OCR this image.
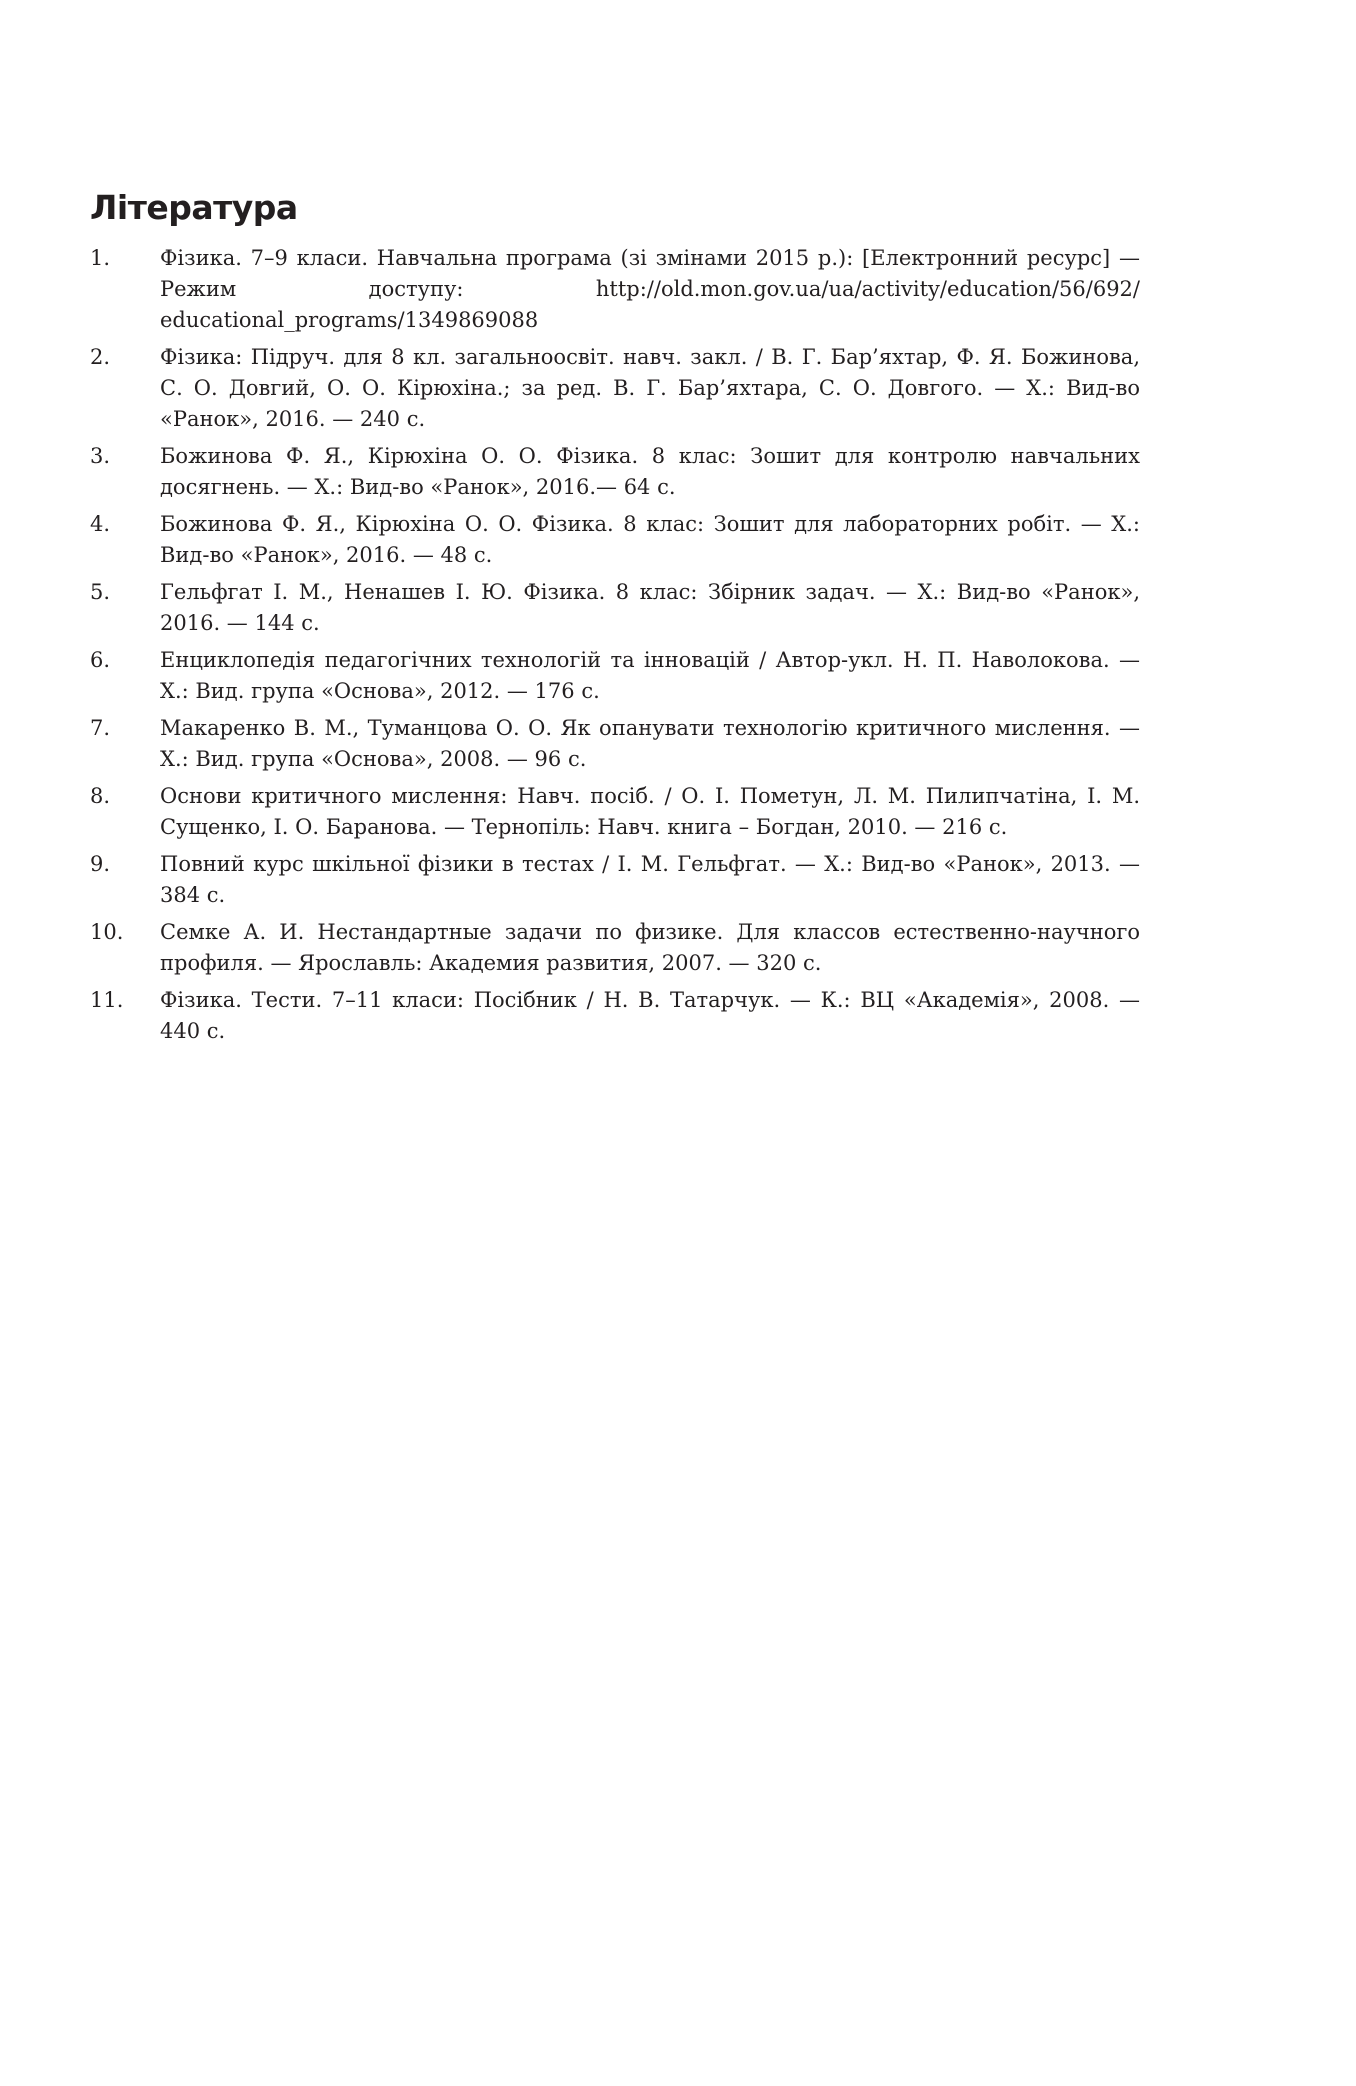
Література
1.	Фізика. 7–9 класи. Навчальна програма (зі змінами 2015 р.): [Електронний ресурс] — Режим доступу: http://old.mon.gov.ua/ua/activity/education/56/692/ educational_programs/1349869088
2.	Фізика: Підруч. для 8 кл. загальноосвіт. навч. закл. / В. Г. Бар’яхтар, Ф. Я. Божинова, С. О. Довгий, О. О. Кірюхіна.; за ред. В. Г. Бар’яхтара, С. О. Довгого. — Х.: Вид-во «Ранок», 2016. — 240 с.
3.	Божинова Ф. Я., Кірюхіна О. О. Фізика. 8 клас: Зошит для контролю навчальних досягнень. — Х.: Вид-во «Ранок», 2016.— 64 с.
4.	Божинова Ф. Я., Кірюхіна О. О. Фізика. 8 клас: Зошит для лабораторних робіт. — Х.: Вид-во «Ранок», 2016. — 48 с.
5.	Гельфгат І. М., Ненашев І. Ю. Фізика. 8 клас: Збірник задач. — Х.: Вид-во «Ранок», 2016. — 144 с.
6.	Енциклопедія педагогічних технологій та інновацій / Автор-укл. Н. П. Наволокова. — Х.: Вид. група «Основа», 2012. — 176 с.
7.	Макаренко В. М., Туманцова О. О. Як опанувати технологію критичного мислення. — Х.: Вид. група «Основа», 2008. — 96 с.
8.	Основи критичного мислення: Навч. посіб. / О. І. Пометун, Л. М. Пилипчатіна, І. М. Сущенко, І. О. Баранова. — Тернопіль: Навч. книга – Богдан, 2010. — 216 с.
9.	Повний курс шкільної фізики в тестах / І. М. Гельфгат. — Х.: Вид-во «Ранок», 2013. — 384 с.
10.	Семке А. И. Нестандартные задачи по физике. Для классов естественно-научного профиля. — Ярославль: Академия развития, 2007. — 320 с.
11.	Фізика. Тести. 7–11 класи: Посібник / Н. В. Татарчук. — К.: ВЦ «Академія», 2008. — 440 с.
